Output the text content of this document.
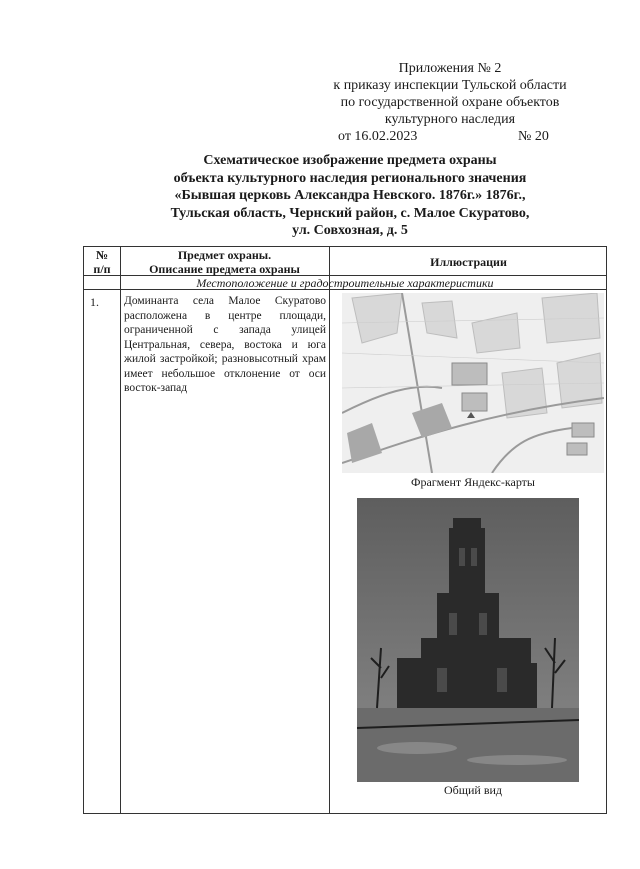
Приложения № 2
к приказу инспекции Тульской области
по государственной охране объектов
культурного наследия
от 16.02.2023	№ 20
Схематическое изображение предмета охраны
объекта культурного наследия регионального значения
«Бывшая церковь Александра Невского. 1876г.» 1876г.,
Тульская область, Чернский район, с. Малое Скуратово,
ул. Совхозная, д. 5
№
п/п
Предмет охраны.
Описание предмета охраны	Иллюстрации
Местоположение и градостроительные характеристики
1. Доминанта села Малое Скуратово расположена в центре площади, ограниченной с запада улицей Центральная, севера, востока и юга жилой застройкой; разновысотный храм имеет небольшое отклонение от оси восток-запад
Фрагмент Яндекс-карты
Общий вид
